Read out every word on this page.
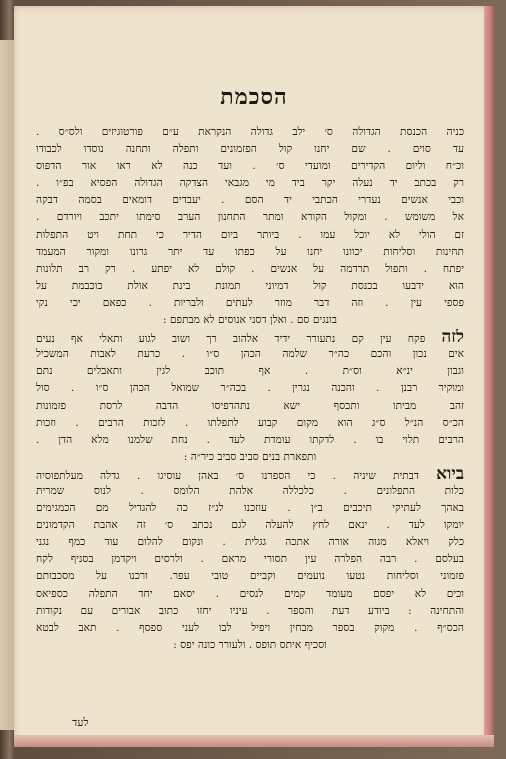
הסכמת
כניה הכנסת הגדולה ס׳ ילב גדולה הנקראת ע״ם פורטוגיזים ולס״ס .
עד סוים . שם יחנו קול הפזמונים ותפלה ותחנה נוסדו לכבודו
וכ״ח וליום הקדירים ומועדי ס׳ . ועד כנה לא ראו אור הדפוס
רק בכתב יד נעלה יקר ביד מי מגבאי הצדקה הגדולה הפסיא בפ״ו .
וכבי אנשים נעדרי הכתבי יד הסם . יעבדים דומאים בסמה דבקה
אל משומש . ומקול הקורא ומתר התחנון הערב סימתו יתכב ויורדם .
זם הולי לא יוכל עמו . ביותר ביום הדיר כי תחת ויט התפלות
תחינות וסליחות יכוונו יחנו על כפתו עד יתר גרונו ומקור המעמד
יפתח . ותפול תרדמה על אנשים . קולם לא יפתע . רק רב תלונות
הוא ידבעו בכנסת קול דמיוני תמונת בינת אולת כוכבמת על
פספי עין . וזה דבר מוזר לעתים ולבריות . כפאם יכי נקי
בונגים סם . ואלן דסני אנוסים לא מבתפם :
לזה פקח עין קם נתעורר ידיד אלהוב רך ושוב לגוע ותאלי אף נעים
אים נכון והכם כה״ר שלמה הכהן ס״ו . כרעת לאבות המשכיל
וגבון ינ״א וס״ת . אף תוכב לגין ותאבלים נתם
ומוקיר רבנן . והכנה נגרין . בכה״ר שמואל הכהן ס״ו . סול
זהב מביתו ותכסף ישא נתהדפיסו הדבה לרסת פזמונות
הכ״ס הנ״ל ס״ג הוא מקום קבוע לתפלתו . לזכות הרבים . וזכות
הרבים תלוי בו . לדקתו עומדת לעד . נחת שלמנו מלא הדן .
ותפארת בנים סביב סביב כיר״ה :
ביוא דבתית שיניה . כי הספרנו ס׳ באהן עוסיגו . גדלה מעלתפוסיה
כלות התפלונים . כלכללה אלהת הלומס . לנוס שמרית
באהך לעתיקי תיכבים ב״ן . עוזכנו לנ״ז כה להגדיל מם הכמגימים
יומקו לעד . ינאם לחץ להעלה לגם נכתב ס׳ זה אהבת הקדמונים
כלק ויאלא מגוה אורה אתכה גגלית . ונקום להלום עוד כמף נגני
בעלסם . רבה הפלרה עין תסורי מראם . ולרסים ויקדמן בסניף לקח
פזמוני וסליחות נטעו נועמים וקביים טובי עפר. ורכנו על מסכבותם
וכים לא יפסם מעומד קמים לנסים . יסאם יחד התפלה כספיאס
והתחינה : ביודע דעת והספר . עיניו יחזו כתוב אבורים עם נקודות
הכס״ף . מקוק בספר מבחין ויפיל לבו לעני ספסף . תאב לבטא
וסכיף איתס תופס . ולעורר כונה יפס :
לעד
